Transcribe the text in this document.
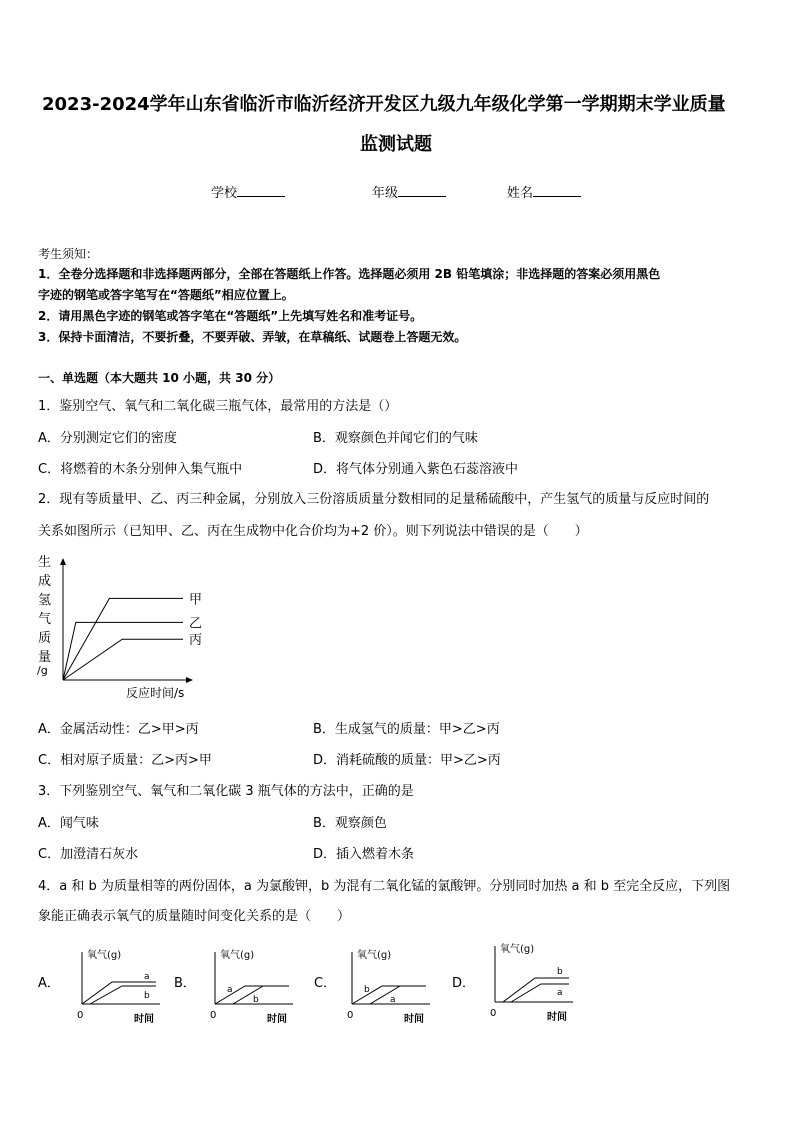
2023-2024学年山东省临沂市临沂经济开发区九级九年级化学第一学期期末学业质量
监测试题
学校	年级	姓名
考生须知：
1．全卷分选择题和非选择题两部分，全部在答题纸上作答。选择题必须用 2B 铅笔填涂；非选择题的答案必须用黑色
字迹的钢笔或答字笔写在“答题纸”相应位置上。
2．请用黑色字迹的钢笔或答字笔在“答题纸”上先填写姓名和准考证号。
3．保持卡面清洁，不要折叠，不要弄破、弄皱，在草稿纸、试题卷上答题无效。
一、单选题（本大题共 10 小题，共 30 分）
1．鉴别空气、氧气和二氧化碳三瓶气体，最常用的方法是（）
A．分别测定它们的密度	B．观察颜色并闻它们的气味
C．将燃着的木条分别伸入集气瓶中	D．将气体分别通入紫色石蕊溶液中
2．现有等质量甲、乙、丙三种金属，分别放入三份溶质质量分数相同的足量稀硫酸中，产生氢气的质量与反应时间的
关系如图所示（已知甲、乙、丙在生成物中化合价均为+2 价）。则下列说法中错误的是（　　）
生
成
氢
气
质
量
/g
甲
乙
丙
反应时间/s
A．金属活动性：乙>甲>丙	B．生成氢气的质量：甲>乙>丙
C．相对原子质量：乙>丙>甲	D．消耗硫酸的质量：甲>乙>丙
3．下列鉴别空气、氧气和二氧化碳 3 瓶气体的方法中，正确的是
A．闻气味	B．观察颜色
C．加澄清石灰水	D．插入燃着木条
4．a 和 b 为质量相等的两份固体，a 为氯酸钾，b 为混有二氧化锰的氯酸钾。分别同时加热 a 和 b 至完全反应，下列图
象能正确表示氧气的质量随时间变化关系的是（　　）
A．
氧气(g)
0	时间
a
b
B．
氧气(g)
0	时间
a
b
C．
氧气(g)
0	时间
b
a
D．
氧气(g)
0	时间
b
a
